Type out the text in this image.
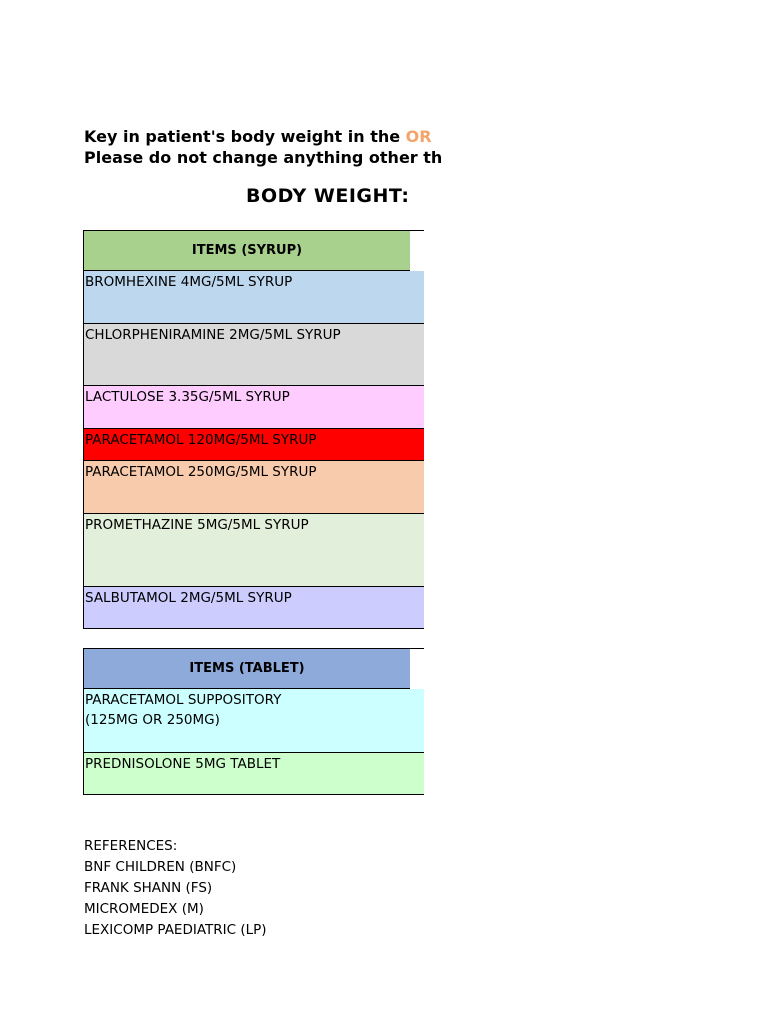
Key in patient's body weight in the OR
Please do not change anything other th
BODY WEIGHT:
ITEMS (SYRUP)
BROMHEXINE 4MG/5ML SYRUP
CHLORPHENIRAMINE 2MG/5ML SYRUP
LACTULOSE 3.35G/5ML SYRUP
PARACETAMOL 120MG/5ML SYRUP
PARACETAMOL 250MG/5ML SYRUP
PROMETHAZINE 5MG/5ML SYRUP
SALBUTAMOL 2MG/5ML SYRUP
ITEMS (TABLET)
PARACETAMOL SUPPOSITORY
(125MG OR 250MG)
PREDNISOLONE 5MG TABLET
REFERENCES:
BNF CHILDREN (BNFC)
FRANK SHANN (FS)
MICROMEDEX (M)
LEXICOMP PAEDIATRIC (LP)
